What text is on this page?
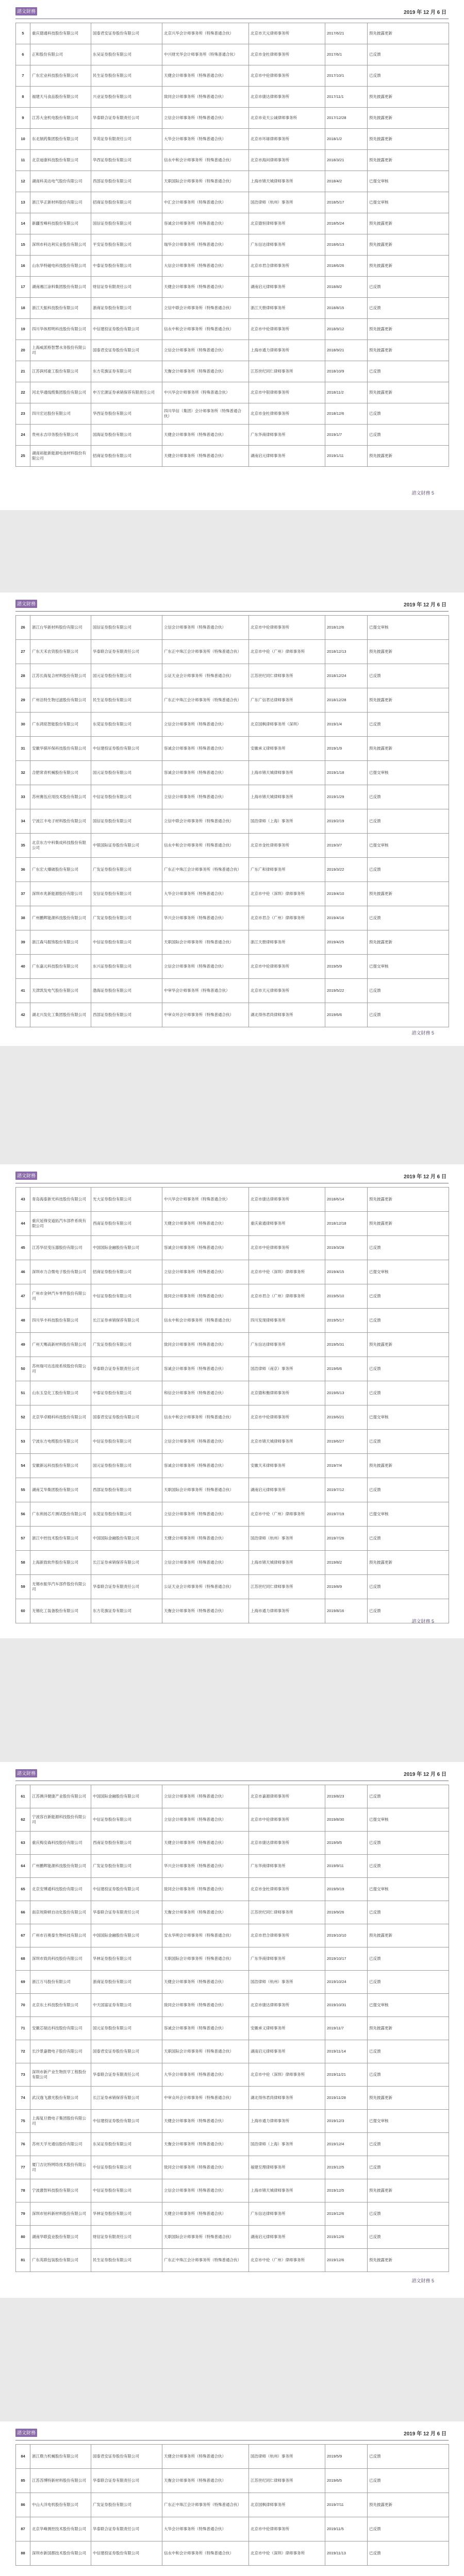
諮文財務	2019 年 12 月 6 日
5	重庆德通科技股份有限公司	国泰君安证券股份有限公司	北京兴华会计师事务所（特殊普通合伙）	北京市天元律师事务所	2017/6/21	预先披露更新
6	正和股份有限公司	东吴证券股份有限公司	中兴财光华会计师事务所（特殊普通合伙）	北京市金杜律师事务所	2017/6/1	已反馈
7	广东宏业科技股份有限公司	民生证券股份有限公司	天健会计师事务所（特殊普通合伙）	北京市中伦律师事务所	2017/10/1	已反馈
8	福建天马食品股份有限公司	兴业证券股份有限公司	致同会计师事务所（特殊普通合伙）	北京市康达律师事务所	2017/11/1	预先披露更新
9	江苏大金机电股份有限公司	华泰联合证券有限责任公司	立信会计师事务所（特殊普通合伙）	北京市竞天公诚律师事务所	2017/12/28	预先披露更新
10	东北制药集团股份有限公司	华英证券有限责任公司	大华会计师事务所（特殊普通合伙）	北京市环球律师事务所	2018/1/2	预先披露更新
11	北京迪康科技股份有限公司	华西证券股份有限公司	信永中和会计师事务所（特殊普通合伙）	北京市海问律师事务所	2018/3/21	预先披露更新
12	湖南科美达电气股份有限公司	西部证券股份有限公司	天职国际会计师事务所（特殊普通合伙）	上海市锦天城律师事务所	2018/4/2	已提交审核
13	浙江华正新材料股份有限公司	招商证券股份有限公司	中汇会计师事务所（特殊普通合伙）	国浩律师（杭州）事务所	2018/5/17	已提交审核
14	新疆雪峰科技股份有限公司	国信证券股份有限公司	容诚会计师事务所（特殊普通合伙）	北京德恒律师事务所	2018/5/24	预先披露更新
15	深圳市科达利实业股份有限公司	平安证券股份有限公司	瑞华会计师事务所（特殊普通合伙）	广东信达律师事务所	2018/6/13	预先披露更新
16	山东华特磁电科技股份有限公司	中泰证券股份有限公司	大信会计师事务所（特殊普通合伙）	北京市君合律师事务所	2018/6/26	预先披露更新
17	湖南湘江涂料集团股份有限公司	财信证券有限责任公司	天健会计师事务所（特殊普通合伙）	湖南启元律师事务所	2018/8/2	已反馈
18	浙江天振科技股份有限公司	浙商证券股份有限公司	立信中联会计师事务所（特殊普通合伙）	浙江天册律师事务所	2018/8/15	已反馈
19	四川华体照明科技股份有限公司	中信建投证券股份有限公司	信永中和会计师事务所（特殊普通合伙）	北京市中伦律师事务所	2018/9/12	预先披露更新
20	上海威派格智慧水务股份有限公司	国泰君安证券股份有限公司	立信会计师事务所（特殊普通合伙）	上海市通力律师事务所	2018/9/21	预先披露更新
21	江苏润邦重工股份有限公司	东方花旗证券有限公司	天衡会计师事务所（特殊普通合伙）	江苏世纪同仁律师事务所	2018/10/9	已反馈
22	河北华通线缆集团股份有限公司	申万宏源证券承销保荐有限责任公司	中兴华会计师事务所（特殊普通合伙）	北京市中银律师事务所	2018/11/2	预先披露更新
23	四川宏达股份有限公司	华西证券股份有限公司	四川华信（集团）会计师事务所（特殊普通合伙）	北京市金杜律师事务所	2018/12/6	已反馈
24	贵州永吉印务股份有限公司	国海证券股份有限公司	天健会计师事务所（特殊普通合伙）	广东华商律师事务所	2019/1/7	已反馈
25	湖南裕能新能源电池材料股份有限公司	招商证券股份有限公司	天健会计师事务所（特殊普通合伙）	湖南启元律师事务所	2019/1/11	预先披露更新
諮文財務 5
諮文財務	2019 年 12 月 6 日
26	浙江台华新材料股份有限公司	国信证券股份有限公司	立信会计师事务所（特殊普通合伙）	北京市中伦律师事务所	2018/12/6	已提交审核
27	广东天禾农资股份有限公司	华泰联合证券有限责任公司	广东正中珠江会计师事务所（特殊普通合伙）	北京市中伦（广州）律师事务所	2018/12/13	预先披露更新
28	江苏长海复合材料股份有限公司	国元证券股份有限公司	公证天业会计师事务所（特殊普通合伙）	江苏世纪同仁律师事务所	2018/12/24	已反馈
29	广州洁特生物过滤股份有限公司	民生证券股份有限公司	广东正中珠江会计师事务所（特殊普通合伙）	广东广信君达律师事务所	2018/12/28	预先披露更新
30	广东鸿铭智能股份有限公司	东莞证券股份有限公司	立信会计师事务所（特殊普通合伙）	北京国枫律师事务所（深圳）	2019/1/4	已反馈
31	安徽华骐环保科技股份有限公司	中信建投证券股份有限公司	容诚会计师事务所（特殊普通合伙）	安徽承义律师事务所	2019/1/9	预先披露更新
32	合肥常青机械股份有限公司	国元证券股份有限公司	容诚会计师事务所（特殊普通合伙）	上海市锦天城律师事务所	2019/1/18	已提交审核
33	苏州赛伍应用技术股份有限公司	中信证券股份有限公司	立信会计师事务所（特殊普通合伙）	上海市锦天城律师事务所	2019/1/29	已反馈
34	宁波江丰电子材料股份有限公司	国信证券股份有限公司	立信中联会计师事务所（特殊普通合伙）	国浩律师（上海）事务所	2019/2/19	已反馈
35	北京东方中科集成科技股份有限公司	中银国际证券股份有限公司	信永中和会计师事务所（特殊普通合伙）	北京市金杜律师事务所	2019/3/7	已提交审核
36	广东宏大爆破股份有限公司	广发证券股份有限公司	广东正中珠江会计师事务所（特殊普通合伙）	广东广和律师事务所	2019/3/22	已反馈
37	深圳市兆新能源股份有限公司	安信证券股份有限公司	大华会计师事务所（特殊普通合伙）	北京市中伦（深圳）律师事务所	2019/4/10	预先披露更新
38	广州鹏辉能源科技股份有限公司	广发证券股份有限公司	华兴会计师事务所（特殊普通合伙）	北京市君合（广州）律师事务所	2019/4/16	已反馈
39	浙江森马服饰股份有限公司	中信证券股份有限公司	天职国际会计师事务所（特殊普通合伙）	浙江天册律师事务所	2019/4/25	预先披露更新
40	广东嘉元科技股份有限公司	东兴证券股份有限公司	立信会计师事务所（特殊普通合伙）	北京市中伦律师事务所	2019/5/9	已提交审核
41	天津凯发电气股份有限公司	渤海证券股份有限公司	中审华会计师事务所（特殊普通合伙）	北京市天元律师事务所	2019/5/22	已反馈
42	湖北兴发化工集团股份有限公司	西部证券股份有限公司	中审众环会计师事务所（特殊普通合伙）	湖北得伟君尚律师事务所	2019/6/6	已反馈
諮文財務 5
諮文財務	2019 年 12 月 6 日
43	青岛海泰新光科技股份有限公司	光大证券股份有限公司	中兴华会计师事务所（特殊普通合伙）	北京市康达律师事务所	2018/6/14	预先披露更新
44	重庆延锋安道拓汽车部件系统有限公司	西南证券股份有限公司	天健会计师事务所（特殊普通合伙）	重庆索通律师事务所	2018/12/18	预先披露更新
45	江苏华辰变压器股份有限公司	中国国际金融股份有限公司	容诚会计师事务所（特殊普通合伙）	北京市中伦律师事务所	2019/3/28	已反馈
46	深圳市力合微电子股份有限公司	招商证券股份有限公司	立信会计师事务所（特殊普通合伙）	北京市中伦（深圳）律师事务所	2019/4/15	已提交审核
47	广州市金钟汽车零件股份有限公司	中信证券股份有限公司	致同会计师事务所（特殊普通合伙）	北京市君合（广州）律师事务所	2019/5/10	已反馈
48	四川华丰科技股份有限公司	长江证券承销保荐有限公司	信永中和会计师事务所（特殊普通合伙）	四川发现律师事务所	2019/5/17	已反馈
49	广州天赐高新材料股份有限公司	广发证券股份有限公司	致同会计师事务所（特殊普通合伙）	广东信达律师事务所	2019/5/31	预先披露更新
50	苏州瑞可达连接系统股份有限公司	华泰联合证券有限责任公司	容诚会计师事务所（特殊普通合伙）	国浩律师（南京）事务所	2019/6/6	已反馈
51	山东玉皇化工股份有限公司	中泰证券股份有限公司	和信会计师事务所（特殊普通合伙）	北京德和衡律师事务所	2019/6/13	已反馈
52	北京华卓精科科技股份有限公司	国泰君安证券股份有限公司	信永中和会计师事务所（特殊普通合伙）	北京市中伦律师事务所	2019/6/21	已提交审核
53	宁波东方电缆股份有限公司	中信证券股份有限公司	立信会计师事务所（特殊普通合伙）	北京市锦天城律师事务所	2019/6/27	已反馈
54	安徽新远科技股份有限公司	国元证券股份有限公司	容诚会计师事务所（特殊普通合伙）	安徽天禾律师事务所	2019/7/4	预先披露更新
55	湖南艾华集团股份有限公司	西部证券股份有限公司	天职国际会计师事务所（特殊普通合伙）	湖南启元律师事务所	2019/7/12	已反馈
56	广东利扬芯片测试股份有限公司	东莞证券股份有限公司	立信会计师事务所（特殊普通合伙）	北京市中伦（广州）律师事务所	2019/7/19	已提交审核
57	浙江中控技术股份有限公司	中国国际金融股份有限公司	天健会计师事务所（特殊普通合伙）	国浩律师（杭州）事务所	2019/7/26	已反馈
58	上海新致软件股份有限公司	长江证券承销保荐有限公司	立信会计师事务所（特殊普通合伙）	上海市锦天城律师事务所	2019/8/2	预先披露更新
59	无锡市振华汽车部件股份有限公司	华泰联合证券有限责任公司	公证天业会计师事务所（特殊普通合伙）	江苏世纪同仁律师事务所	2019/8/9	已反馈
60	无锡化工装备股份有限公司	东方花旗证券有限公司	天衡会计师事务所（特殊普通合伙）	上海市通力律师事务所	2019/8/16	已反馈
諮文財務 5
諮文財務	2019 年 12 月 6 日
61	江苏澳洋健康产业股份有限公司	中国国际金融股份有限公司	立信会计师事务所（特殊普通合伙）	北京市嘉源律师事务所	2019/8/23	已反馈
62	宁波容百新能源科技股份有限公司	中信证券股份有限公司	立信会计师事务所（特殊普通合伙）	北京市中伦律师事务所	2019/8/30	已提交审核
63	重庆梅安森科技股份有限公司	西南证券股份有限公司	天健会计师事务所（特殊普通合伙）	北京市康达律师事务所	2019/9/5	已反馈
64	广州鹏辉能源科技股份有限公司	广发证券股份有限公司	华兴会计师事务所（特殊普通合伙）	广东华商律师事务所	2019/9/11	已反馈
65	北京安博通科技股份有限公司	中信建投证券股份有限公司	致同会计师事务所（特殊普通合伙）	北京市金杜律师事务所	2019/9/19	已提交审核
66	南京埃斯顿自动化股份有限公司	华泰联合证券有限责任公司	天衡会计师事务所（特殊普通合伙）	江苏世纪同仁律师事务所	2019/9/26	已反馈
67	广州市百奥泰生物科技有限公司	中国国际金融股份有限公司	安永华明会计师事务所（特殊普通合伙）	北京市君合律师事务所	2019/10/10	预先披露更新
68	深圳市致尚科技股份有限公司	华林证券股份有限公司	天职国际会计师事务所（特殊普通合伙）	广东华商律师事务所	2019/10/17	已反馈
69	浙江万马股份有限公司	浙商证券股份有限公司	天健会计师事务所（特殊普通合伙）	国浩律师（杭州）事务所	2019/10/24	已反馈
70	北京东土科技股份有限公司	中天国富证券有限公司	致同会计师事务所（特殊普通合伙）	北京市康达律师事务所	2019/10/31	已提交审核
71	安徽芯瑞达科技股份有限公司	国元证券股份有限公司	容诚会计师事务所（特殊普通合伙）	安徽承义律师事务所	2019/11/7	预先披露更新
72	长沙景嘉微电子股份有限公司	国泰君安证券股份有限公司	天职国际会计师事务所（特殊普通合伙）	湖南启元律师事务所	2019/11/14	已反馈
73	深圳市新产业生物医学工程股份有限公司	华泰联合证券有限责任公司	大华会计师事务所（特殊普通合伙）	北京市中伦（深圳）律师事务所	2019/11/21	已反馈
74	武汉逸飞激光股份有限公司	长江证券承销保荐有限公司	中审众环会计师事务所（特殊普通合伙）	湖北得伟君尚律师事务所	2019/11/28	预先披露更新
75	上海复旦微电子集团股份有限公司	中信建投证券股份有限公司	天健会计师事务所（特殊普通合伙）	上海市通力律师事务所	2019/12/3	已提交审核
76	苏州天孚光通信股份有限公司	东吴证券股份有限公司	天衡会计师事务所（特殊普通合伙）	国浩律师（上海）事务所	2019/12/4	已反馈
77	厦门吉比特网络技术股份有限公司	中信证券股份有限公司	致同会计师事务所（特殊普通合伙）	福建至理律师事务所	2019/12/5	已反馈
78	宁波激智科技股份有限公司	中信证券股份有限公司	立信会计师事务所（特殊普通合伙）	上海市锦天城律师事务所	2019/12/5	预先披露更新
79	深圳市铂科新材料股份有限公司	华林证券股份有限公司	天健会计师事务所（特殊普通合伙）	广东信达律师事务所	2019/12/6	已反馈
80	湖南华联瓷业股份有限公司	财信证券有限责任公司	天职国际会计师事务所（特殊普通合伙）	湖南启元律师事务所	2019/12/6	已反馈
81	广东英联包装股份有限公司	民生证券股份有限公司	广东正中珠江会计师事务所（特殊普通合伙）	北京市中伦（广州）律师事务所	2019/12/6	预先披露更新
諮文財務 5
諮文財務	2019 年 12 月 6 日
84	浙江鼎力机械股份有限公司	国泰君安证券股份有限公司	天健会计师事务所（特殊普通合伙）	国浩律师（杭州）事务所	2019/5/9	已反馈
85	江苏苏博特新材料股份有限公司	华泰联合证券有限责任公司	天衡会计师事务所（特殊普通合伙）	江苏世纪同仁律师事务所	2019/6/5	已反馈
86	中山大洋电机股份有限公司	广发证券股份有限公司	广东正中珠江会计师事务所（特殊普通合伙）	北京国枫律师事务所	2019/7/11	预先披露更新
87	北京华峰测控技术股份有限公司	华泰联合证券有限责任公司	大华会计师事务所（特殊普通合伙）	北京市中伦律师事务所	2019/11/5	已反馈
88	深圳市新国都技术股份有限公司	中信建投证券股份有限公司	信永中和会计师事务所（特殊普通合伙）	北京市中伦（深圳）律师事务所	2019/11/13	已反馈
